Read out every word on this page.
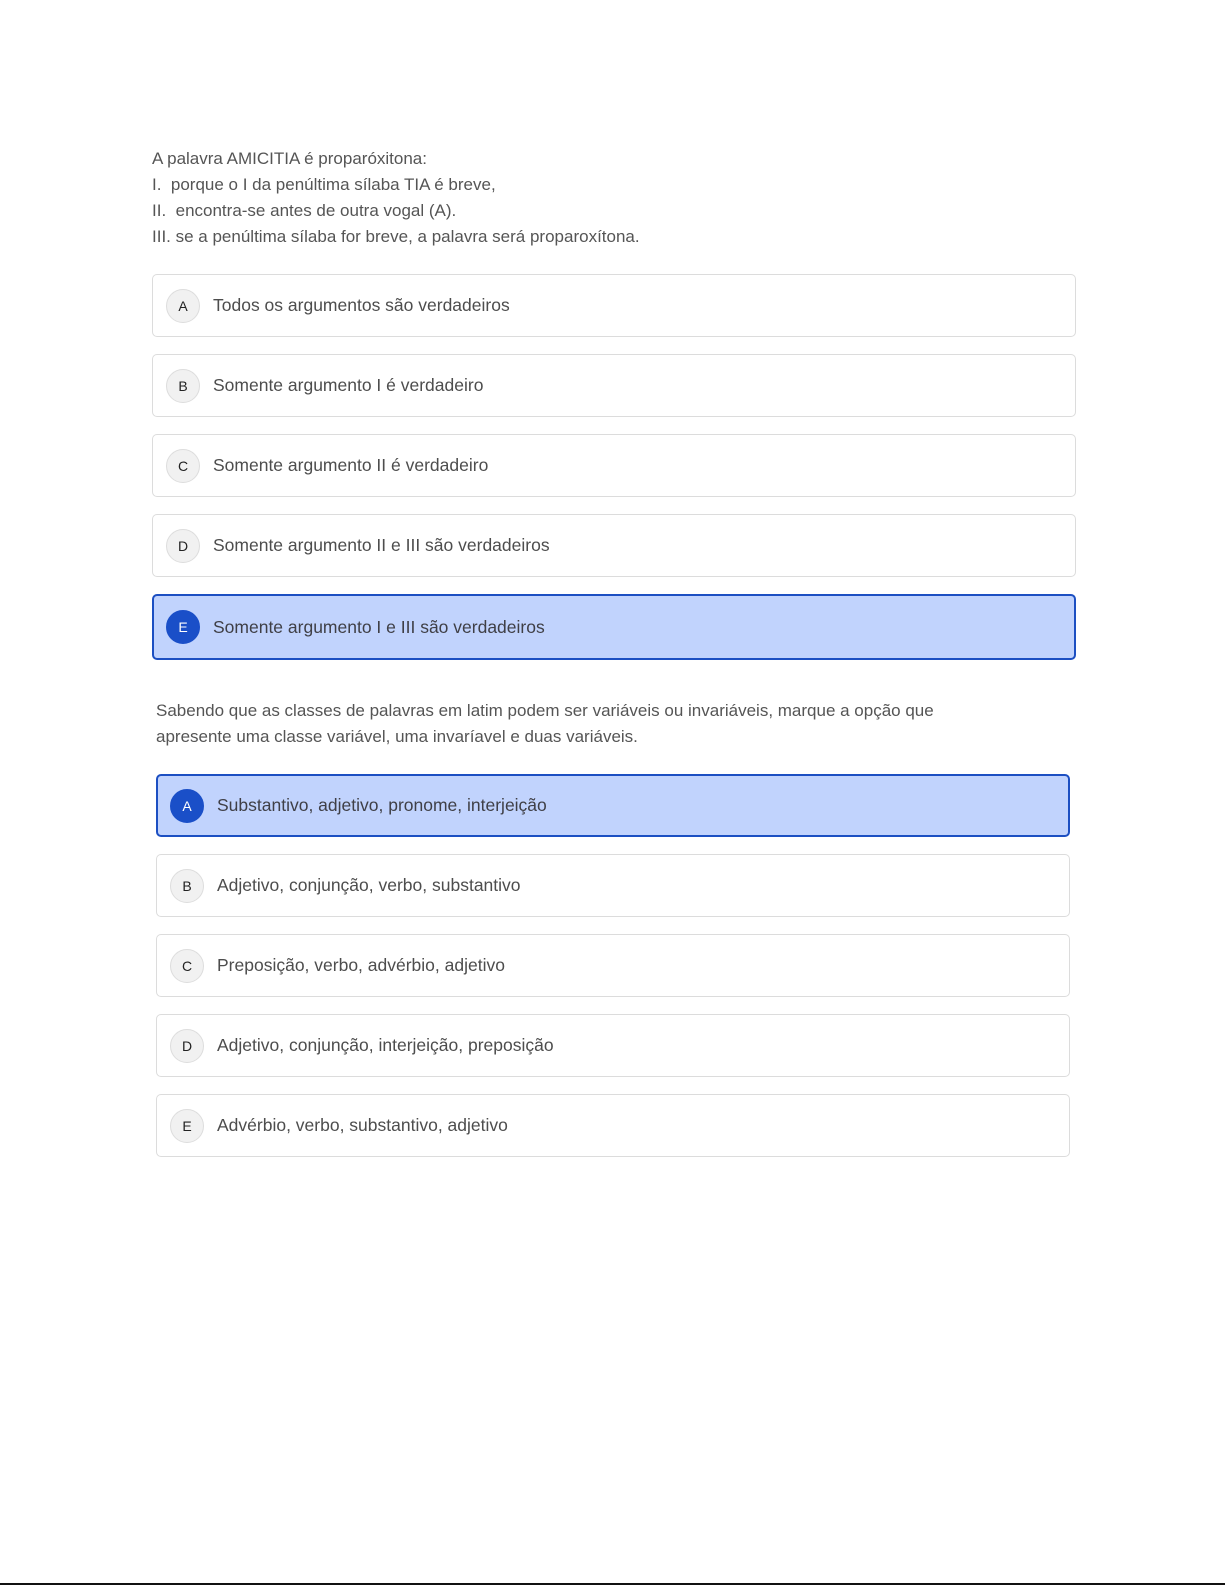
A palavra AMICITIA é proparóxitona:
I.  porque o I da penúltima sílaba TIA é breve,
II.  encontra-se antes de outra vogal (A).
III. se a penúltima sílaba for breve, a palavra será proparoxítona.

A	Todos os argumentos são verdadeiros
B	Somente argumento I é verdadeiro
C	Somente argumento II é verdadeiro
D	Somente argumento II e III são verdadeiros
E	Somente argumento I e III são verdadeiros

Sabendo que as classes de palavras em latim podem ser variáveis ou invariáveis, marque a opção que
apresente uma classe variável, uma invaríavel e duas variáveis.

A	Substantivo, adjetivo, pronome, interjeição
B	Adjetivo, conjunção, verbo, substantivo
C	Preposição, verbo, advérbio, adjetivo
D	Adjetivo, conjunção, interjeição, preposição
E	Advérbio, verbo, substantivo, adjetivo
